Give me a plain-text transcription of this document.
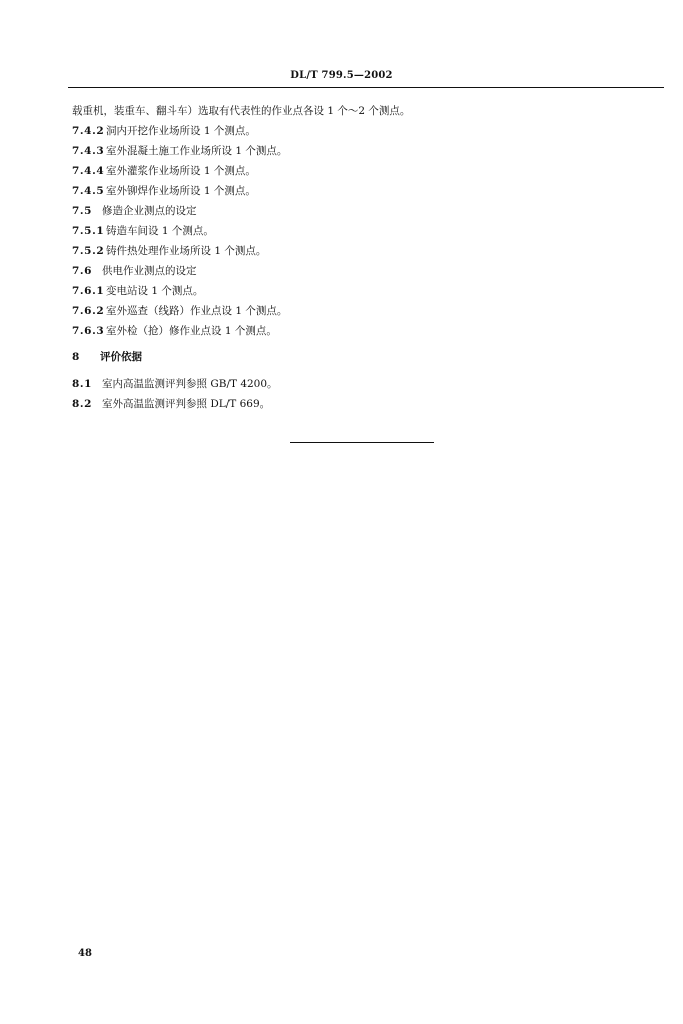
DL/T 799.5—2002
载重机，装重车、翻斗车）选取有代表性的作业点各设 1 个～2 个测点。
7.4.2 洞内开挖作业场所设 1 个测点。
7.4.3 室外混凝土施工作业场所设 1 个测点。
7.4.4 室外灌浆作业场所设 1 个测点。
7.4.5 室外铆焊作业场所设 1 个测点。
7.5 修造企业测点的设定
7.5.1 铸造车间设 1 个测点。
7.5.2 铸件热处理作业场所设 1 个测点。
7.6 供电作业测点的设定
7.6.1 变电站设 1 个测点。
7.6.2 室外巡查（线路）作业点设 1 个测点。
7.6.3 室外检（抢）修作业点设 1 个测点。
8 评价依据
8.1 室内高温监测评判参照 GB/T 4200。
8.2 室外高温监测评判参照 DL/T 669。
48
